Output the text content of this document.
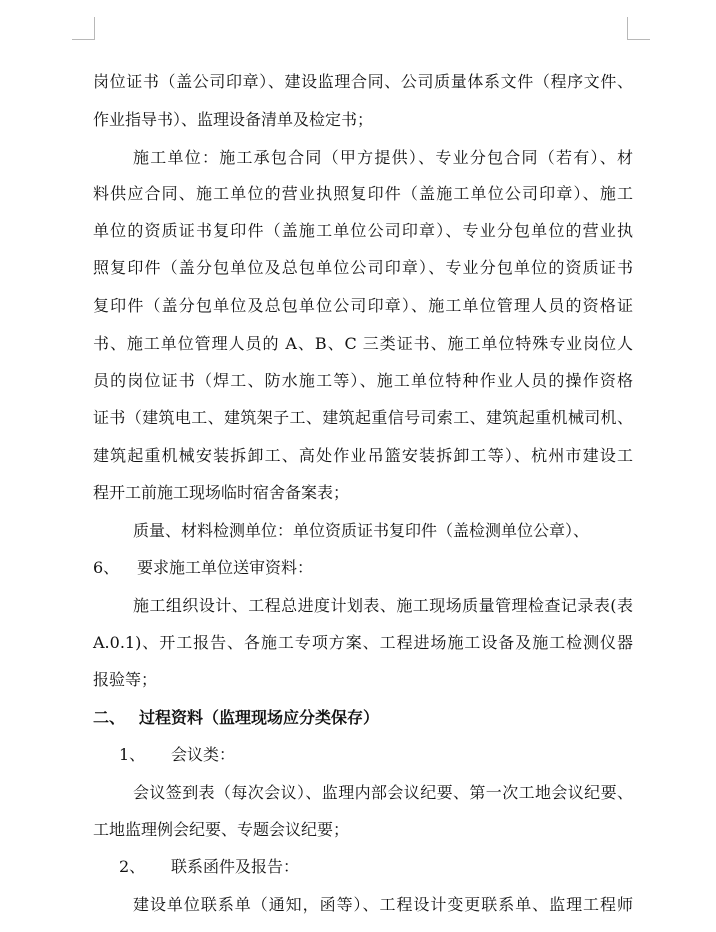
岗位证书（盖公司印章）、建设监理合同、公司质量体系文件（程序文件、
作业指导书）、监理设备清单及检定书；
施工单位：施工承包合同（甲方提供）、专业分包合同（若有）、材
料供应合同、施工单位的营业执照复印件（盖施工单位公司印章）、施工
单位的资质证书复印件（盖施工单位公司印章）、专业分包单位的营业执
照复印件（盖分包单位及总包单位公司印章）、专业分包单位的资质证书
复印件（盖分包单位及总包单位公司印章）、施工单位管理人员的资格证
书、施工单位管理人员的 A、B、C 三类证书、施工单位特殊专业岗位人
员的岗位证书（焊工、防水施工等）、施工单位特种作业人员的操作资格
证书（建筑电工、建筑架子工、建筑起重信号司索工、建筑起重机械司机、
建筑起重机械安装拆卸工、高处作业吊篮安装拆卸工等）、杭州市建设工
程开工前施工现场临时宿舍备案表；
质量、材料检测单位：单位资质证书复印件（盖检测单位公章）、
6、	要求施工单位送审资料：
施工组织设计、工程总进度计划表、施工现场质量管理检查记录表(表
A.0.1)、开工报告、各施工专项方案、工程进场施工设备及施工检测仪器
报验等；
二、 过程资料（监理现场应分类保存）
1、	会议类：
会议签到表（每次会议）、监理内部会议纪要、第一次工地会议纪要、
工地监理例会纪要、专题会议纪要；
2、	联系函件及报告：
建设单位联系单（通知，函等）、工程设计变更联系单、监理工程师
